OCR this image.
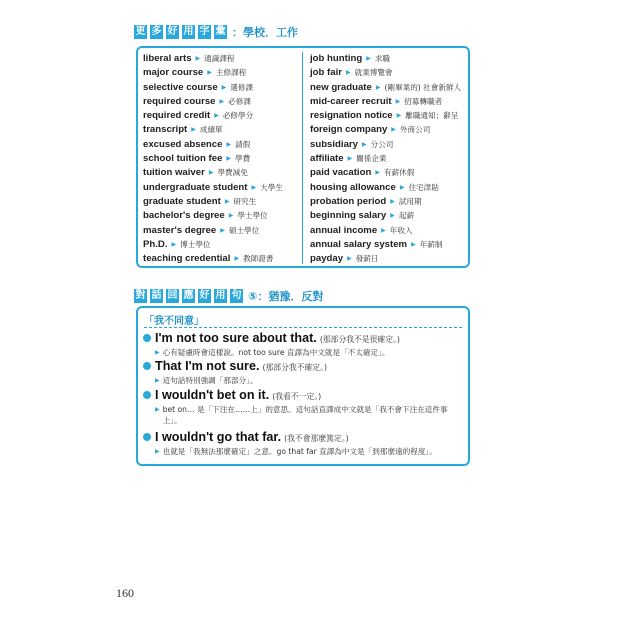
更 多 好 用 字 彙 ：學校．工作
liberal arts ▶ 通識課程
major course ▶ 主修課程
selective course ▶ 選修課
required course ▶ 必修課
required credit ▶ 必修學分
transcript ▶ 成績單
excused absence ▶ 請假
school tuition fee ▶ 學費
tuition waiver ▶ 學費減免
undergraduate student ▶ 大學生
graduate student ▶ 研究生
bachelor's degree ▶ 學士學位
master's degree ▶ 碩士學位
Ph.D. ▶ 博士學位
teaching credential ▶ 教師證書
job hunting ▶ 求職
job fair ▶ 就業博覽會
new graduate ▶ (剛畢業的) 社會新鮮人
mid-career recruit ▶ 招募轉職者
resignation notice ▶ 離職通知；辭呈
foreign company ▶ 外商公司
subsidiary ▶ 分公司
affiliate ▶ 關係企業
paid vacation ▶ 有薪休假
housing allowance ▶ 住宅津貼
probation period ▶ 試用期
beginning salary ▶ 起薪
annual income ▶ 年收入
annual salary system ▶ 年薪制
payday ▶ 發薪日
對 話 回 應 好 用 句 ⑤：猶豫．反對
「我不同意」
I'm not too sure about that. (那部分我不是很確定。)
▶ 心有疑慮時會這樣說。not too sure 直譯為中文就是「不太確定」。
That I'm not sure. (那部分我不確定。)
▶ 這句話特別強調「那部分」。
I wouldn't bet on it. (我看不一定。)
▶ bet on… 是「下注在……上」的意思。這句話直譯成中文就是「我不會下注在這件事上」。
I wouldn't go that far. (我不會那麼篤定。)
▶ 也就是「我無法那麼確定」之意。go that far 直譯為中文是「到那麼遠的程度」。
160
